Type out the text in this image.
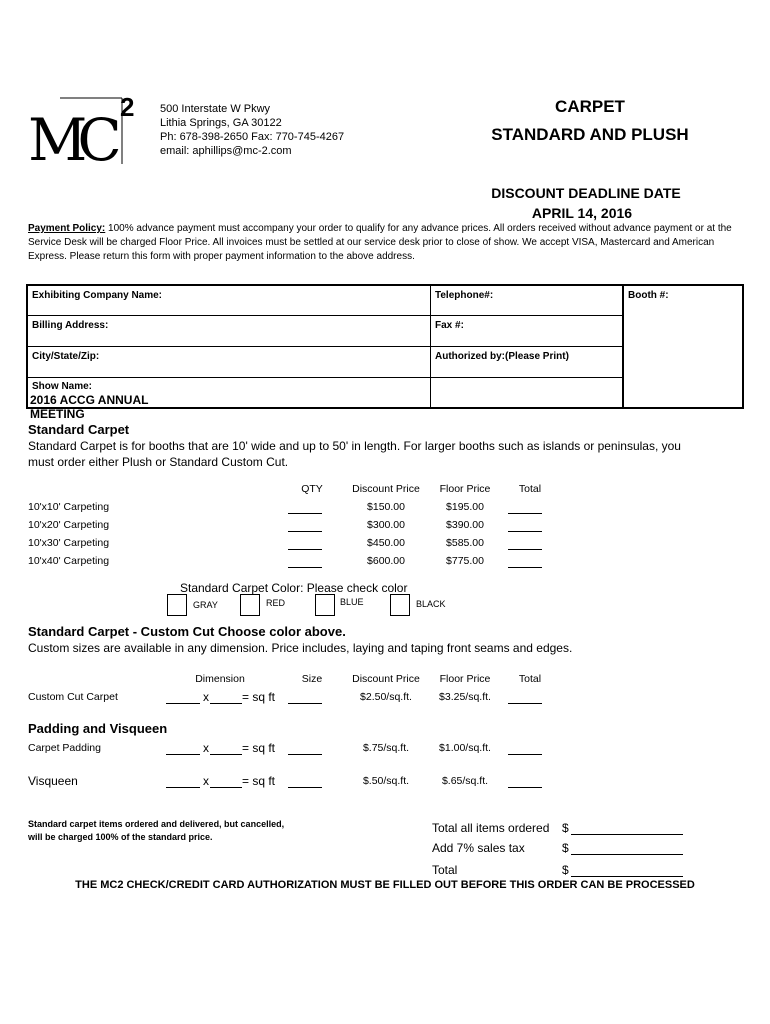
MC 2 500 Interstate W Pkwy
Lithia Springs, GA 30122
Ph: 678-398-2650 Fax: 770-745-4267
email: aphillips@mc-2.com
CARPET
STANDARD AND PLUSH
DISCOUNT DEADLINE DATE
APRIL 14, 2016
Payment Policy: 100% advance payment must accompany your order to qualify for any advance prices. All orders received without advance payment or at the Service Desk will be charged Floor Price. All invoices must be settled at our service desk prior to close of show. We accept VISA, Mastercard and American Express. Please return this form with proper payment information to the above address.
Exhibiting Company Name:	Telephone#:	Booth #:
Billing Address:	Fax #:
City/State/Zip:	Authorized by:(Please Print)
Show Name:
2016 ACCG ANNUAL MEETING
Standard Carpet
Standard Carpet is for booths that are 10' wide and up to 50' in length. For larger booths such as islands or peninsulas, you must order either Plush or Standard Custom Cut.
QTY	Discount Price	Floor Price	Total
10'x10' Carpeting	$150.00	$195.00
10'x20' Carpeting	$300.00	$390.00
10'x30' Carpeting	$450.00	$585.00
10'x40' Carpeting	$600.00	$775.00
Standard Carpet Color: Please check color
GRAY	RED	BLUE	BLACK
Standard Carpet - Custom Cut Choose color above.
Custom sizes are available in any dimension. Price includes, laying and taping front seams and edges.
Dimension	Size	Discount Price	Floor Price	Total
Custom Cut Carpet	x	= sq ft	$2.50/sq.ft.	$3.25/sq.ft.
Padding and Visqueen
Carpet Padding	x	= sq ft	$.75/sq.ft.	$1.00/sq.ft.
Visqueen	x	= sq ft	$.50/sq.ft.	$.65/sq.ft.
Standard carpet items ordered and delivered, but cancelled, will be charged 100% of the standard price.
Total all items ordered $
Add 7% sales tax	$
Total	$
THE MC2 CHECK/CREDIT CARD AUTHORIZATION MUST BE FILLED OUT BEFORE THIS ORDER CAN BE PROCESSED
